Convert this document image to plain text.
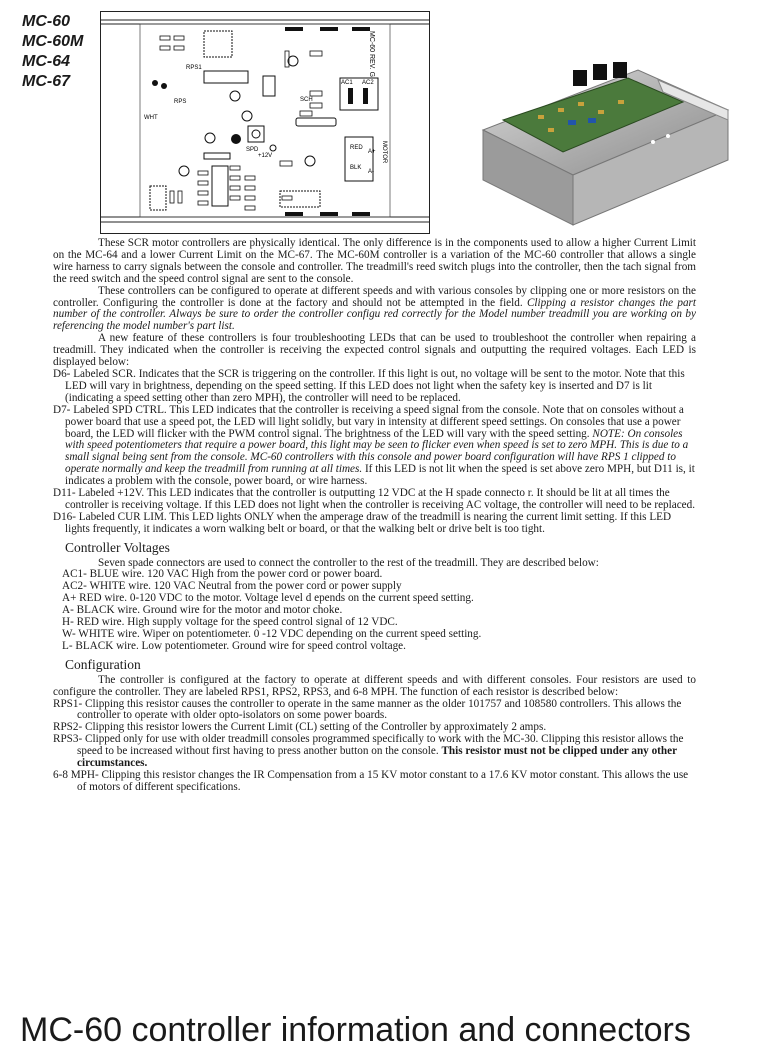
MC-60
MC-60M
MC-64
MC-67
MC-60 REV. G
SPD
+12V
AC1 AC2
RED
BLK
A+
A-
MOTOR
WHT
RPS
RPS1
SCH

These SCR motor controllers are physically identical. The only difference is in the components used to allow a higher Current Limit on the MC-64 and a lower Current Limit on the MC-67. The MC-60M controller is a variation of the MC-60 controller that allows a single wire harness to carry signals between the console and controller. The treadmill's reed switch plugs into the controller, then the tach signal from the reed switch and the speed control signal are sent to the console.

These controllers can be configured to operate at different speeds and with various consoles by clipping one or more resistors on the controller. Configuring the controller is done at the factory and should not be attempted in the field. Clipping a resistor changes the part number of the controller. Always be sure to order the controller configu red correctly for the Model number treadmill you are working on by referencing the model number's part list.

A new feature of these controllers is four troubleshooting LEDs that can be used to troubleshoot the controller when repairing a treadmill. They indicated when the controller is receiving the expected control signals and outputting the required voltages. Each LED is displayed below:

D6- Labeled SCR. Indicates that the SCR is triggering on the controller. If this light is out, no voltage will be sent to the motor. Note that this LED will vary in brightness, depending on the speed setting. If this LED does not light when the safety key is inserted and D7 is lit (indicating a speed setting other than zero MPH), the controller will need to be replaced.

D7- Labeled SPD CTRL. This LED indicates that the controller is receiving a speed signal from the console. Note that on consoles without a power board that use a speed pot, the LED will light solidly, but vary in intensity at different speed settings. On consoles that use a power board, the LED will flicker with the PWM control signal. The brightness of the LED will vary with the speed setting. NOTE: On consoles with speed potentiometers that require a power board, this light may be seen to flicker even when speed is set to zero MPH. This is due to a small signal being sent from the console. MC-60 controllers with this console and power board configuration will have RPS 1 clipped to operate normally and keep the treadmill from running at all times. If this LED is not lit when the speed is set above zero MPH, but D11 is, it indicates a problem with the console, power board, or wire harness.

D11- Labeled +12V. This LED indicates that the controller is outputting 12 VDC at the H spade connecto r. It should be lit at all times the controller is receiving voltage. If this LED does not light when the controller is receiving AC voltage, the controller will need to be replaced.

D16- Labeled CUR LIM. This LED lights ONLY when the amperage draw of the treadmill is nearing the current limit setting. If this LED lights frequently, it indicates a worn walking belt or board, or that the walking belt or drive belt is too tight.

Controller Voltages

Seven spade connectors are used to connect the controller to the rest of the treadmill. They are described below:

AC1- BLUE wire. 120 VAC High from the power cord or power board.
AC2- WHITE wire. 120 VAC Neutral from the power cord or power supply
A+ RED wire. 0-120 VDC to the motor. Voltage level d epends on the current speed setting.
A- BLACK wire. Ground wire for the motor and motor choke.
H- RED wire. High supply voltage for the speed control signal of 12 VDC.
W- WHITE wire. Wiper on potentiometer. 0 -12 VDC depending on the current speed setting.
L- BLACK wire. Low potentiometer. Ground wire for speed control voltage.
Configuration

The controller is configured at the factory to operate at different speeds and with different consoles. Four resistors are used to configure the controller. They are labeled RPS1, RPS2, RPS3, and 6-8 MPH. The function of each resistor is described below:

RPS1- Clipping this resistor causes the controller to operate in the same manner as the older 101757 and 108580 controllers. This allows the controller to operate with older opto-isolators on some power boards.

RPS2- Clipping this resistor lowers the Current Limit (CL) setting of the Controller by approximately 2 amps.

RPS3- Clipped only for use with older treadmill consoles programmed specifically to work with the MC-30. Clipping this resistor allows the speed to be increased without first having to press another button on the console. This resistor must not be clipped under any other circumstances.

6-8 MPH- Clipping this resistor changes the IR Compensation from a 15 KV motor constant to a 17.6 KV motor constant. This allows the use of motors of different specifications.

MC-60 controller information and connectors
